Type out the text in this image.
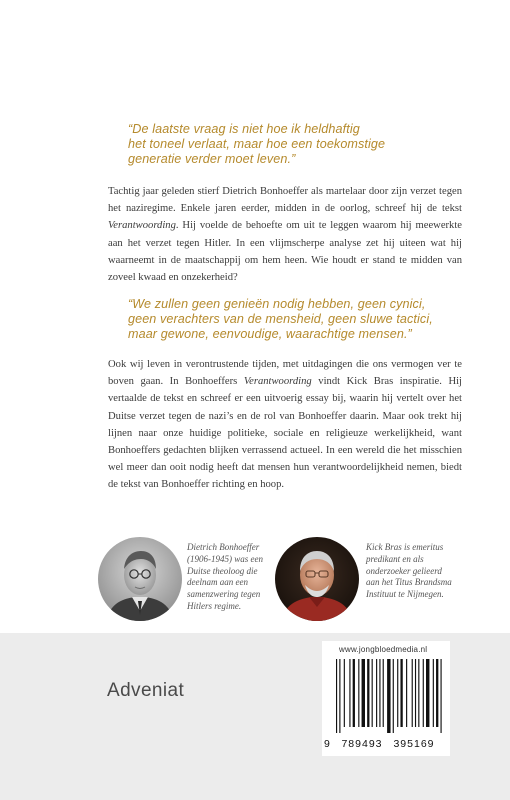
“De laatste vraag is niet hoe ik heldhaftig
het toneel verlaat, maar hoe een toekomstige
generatie verder moet leven.”

Tachtig jaar geleden stierf Dietrich Bonhoeffer als martelaar door zijn verzet tegen het naziregime. Enkele jaren eerder, midden in de oorlog, schreef hij de tekst Verantwoording. Hij voelde de behoefte om uit te leggen waarom hij meewerkte aan het verzet tegen Hitler. In een vlijmscherpe analyse zet hij uiteen wat hij waarneemt in de maatschappij om hem heen. Wie houdt er stand te midden van zoveel kwaad en onzekerheid?

“We zullen geen genieën nodig hebben, geen cynici,
geen verachters van de mensheid, geen sluwe tactici,
maar gewone, eenvoudige, waarachtige mensen.”

Ook wij leven in verontrustende tijden, met uitdagingen die ons vermogen ver te boven gaan. In Bonhoeffers Verantwoording vindt Kick Bras inspiratie. Hij vertaalde de tekst en schreef er een uitvoerig essay bij, waarin hij vertelt over het Duitse verzet tegen de nazi’s en de rol van Bonhoeffer daarin. Maar ook trekt hij lijnen naar onze huidige politieke, sociale en religieuze werkelijkheid, want Bonhoeffers gedachten blijken verrassend actueel. In een wereld die het misschien wel meer dan ooit nodig heeft dat mensen hun verantwoordelijkheid nemen, biedt de tekst van Bonhoeffer richting en hoop.

Dietrich Bonhoeffer
(1906-1945) was een
Duitse theoloog die
deelnam aan een
samenzwering tegen
Hitlers regime.
Kick Bras is emeritus
predikant en als
onderzoeker gelieerd
aan het Titus Brandsma
Instituut te Nijmegen.
Adveniat
www.jongbloedmedia.nl
9 789493 395169
